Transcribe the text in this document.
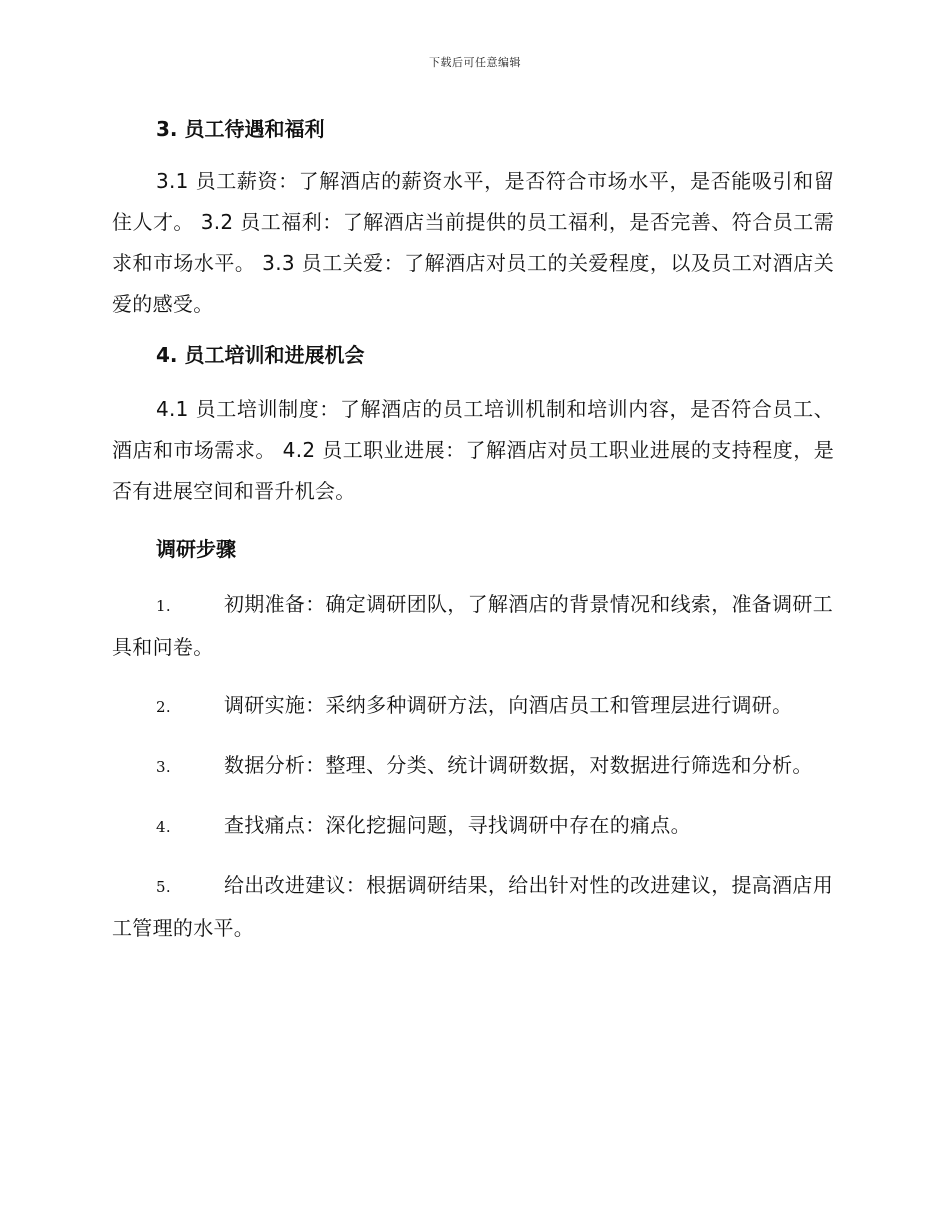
下载后可任意编辑

3. 员工待遇和福利

3.1 员工薪资：了解酒店的薪资水平，是否符合市场水平，是否能吸引和留住人才。 3.2 员工福利：了解酒店当前提供的员工福利，是否完善、符合员工需求和市场水平。 3.3 员工关爱：了解酒店对员工的关爱程度，以及员工对酒店关爱的感受。

4. 员工培训和进展机会

4.1 员工培训制度：了解酒店的员工培训机制和培训内容，是否符合员工、酒店和市场需求。 4.2 员工职业进展：了解酒店对员工职业进展的支持程度，是否有进展空间和晋升机会。

调研步骤

1.	初期准备：确定调研团队，了解酒店的背景情况和线索，准备调研工具和问卷。
2.	调研实施：采纳多种调研方法，向酒店员工和管理层进行调研。
3.	数据分析：整理、分类、统计调研数据，对数据进行筛选和分析。
4.	查找痛点：深化挖掘问题，寻找调研中存在的痛点。
5.	给出改进建议：根据调研结果，给出针对性的改进建议，提高酒店用工管理的水平。
